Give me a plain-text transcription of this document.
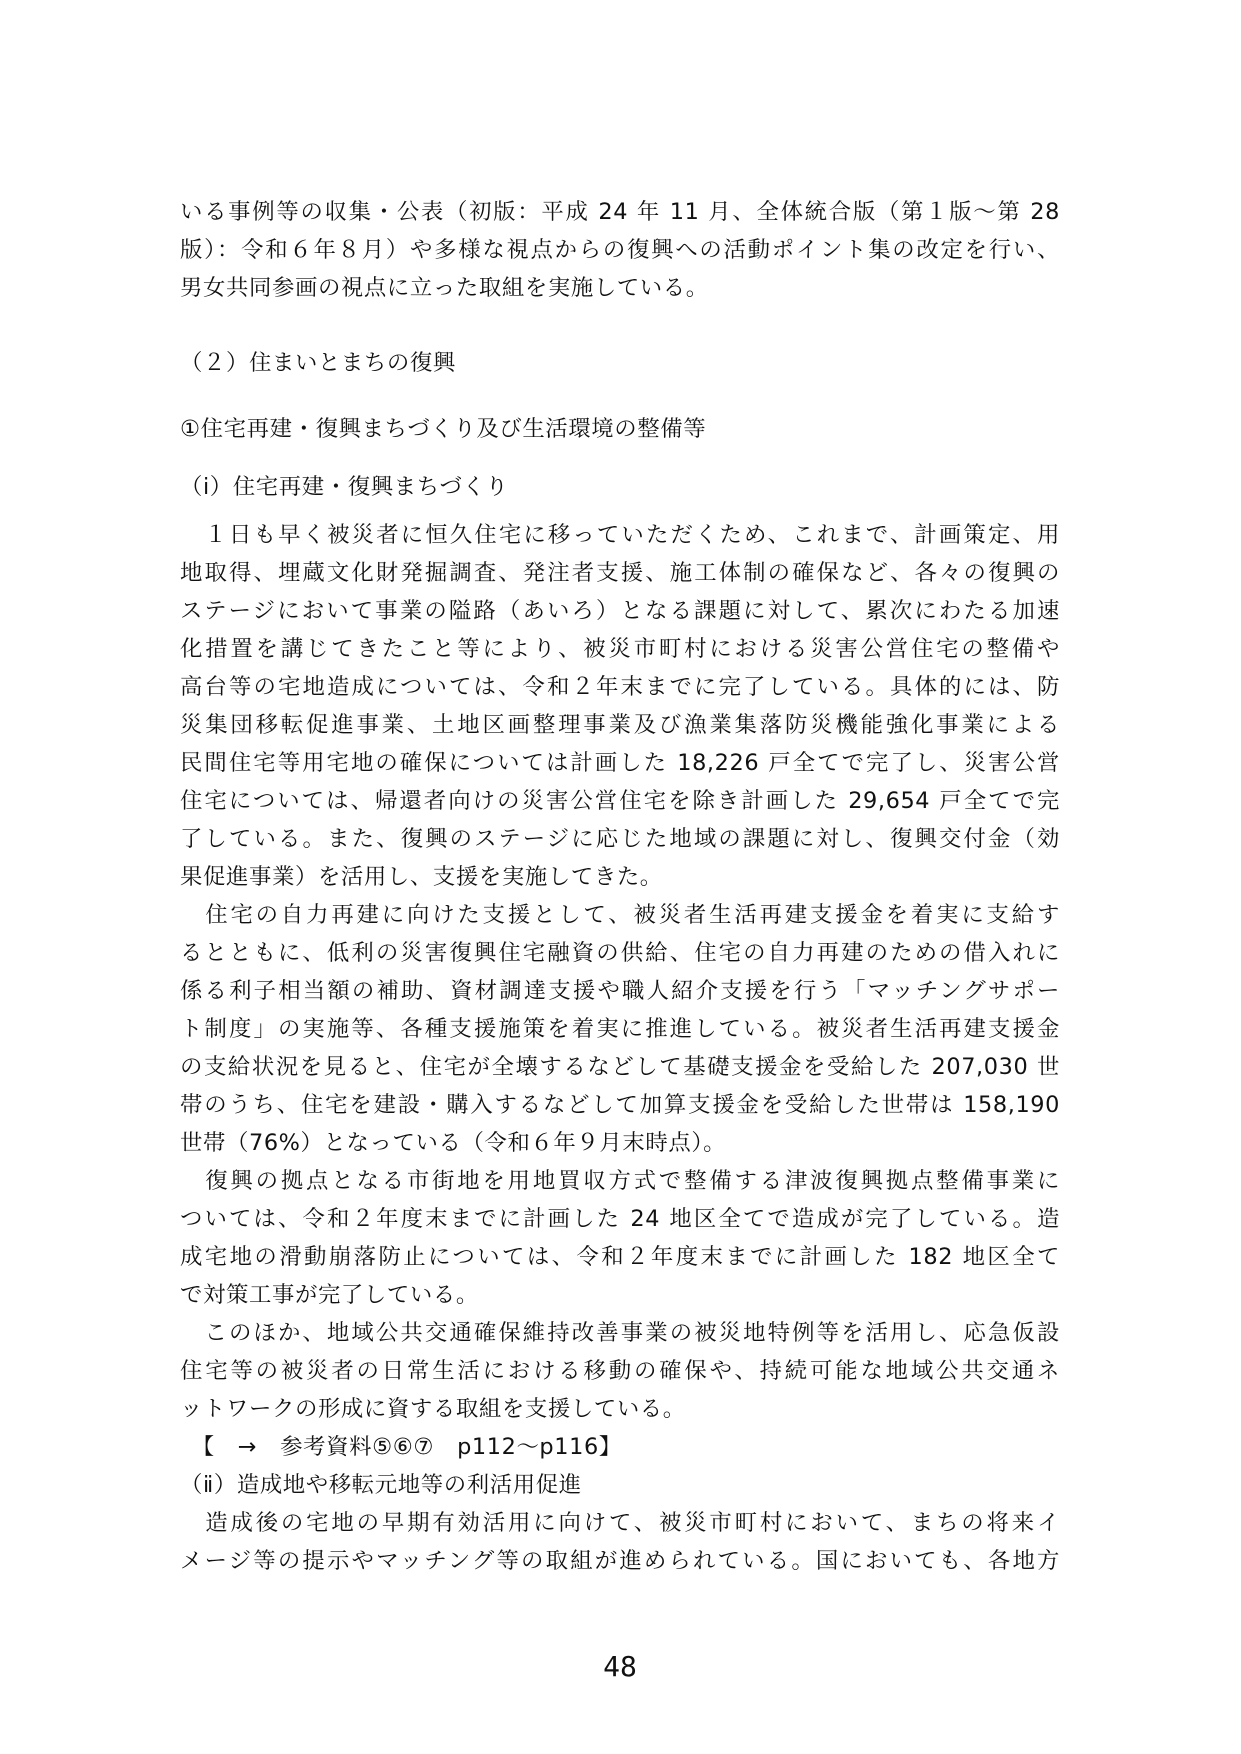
いる事例等の収集・公表（初版：平成 24 年 11 月、全体統合版（第１版～第 28
版）：令和６年８月）や多様な視点からの復興への活動ポイント集の改定を行い、
男女共同参画の視点に立った取組を実施している。
（２）住まいとまちの復興
①住宅再建・復興まちづくり及び生活環境の整備等
（ⅰ）住宅再建・復興まちづくり
　１日も早く被災者に恒久住宅に移っていただくため、これまで、計画策定、用
地取得、埋蔵文化財発掘調査、発注者支援、施工体制の確保など、各々の復興の
ステージにおいて事業の隘路（あいろ）となる課題に対して、累次にわたる加速
化措置を講じてきたこと等により、被災市町村における災害公営住宅の整備や
高台等の宅地造成については、令和２年末までに完了している。具体的には、防
災集団移転促進事業、土地区画整理事業及び漁業集落防災機能強化事業による
民間住宅等用宅地の確保については計画した 18,226 戸全てで完了し、災害公営
住宅については、帰還者向けの災害公営住宅を除き計画した 29,654 戸全てで完
了している。また、復興のステージに応じた地域の課題に対し、復興交付金（効
果促進事業）を活用し、支援を実施してきた。
　住宅の自力再建に向けた支援として、被災者生活再建支援金を着実に支給す
るとともに、低利の災害復興住宅融資の供給、住宅の自力再建のための借入れに
係る利子相当額の補助、資材調達支援や職人紹介支援を行う「マッチングサポー
ト制度」の実施等、各種支援施策を着実に推進している。被災者生活再建支援金
の支給状況を見ると、住宅が全壊するなどして基礎支援金を受給した 207,030 世
帯のうち、住宅を建設・購入するなどして加算支援金を受給した世帯は 158,190
世帯（76%）となっている（令和６年９月末時点）。
　復興の拠点となる市街地を用地買収方式で整備する津波復興拠点整備事業に
ついては、令和２年度末までに計画した 24 地区全てで造成が完了している。造
成宅地の滑動崩落防止については、令和２年度末までに計画した 182 地区全て
で対策工事が完了している。
　このほか、地域公共交通確保維持改善事業の被災地特例等を活用し、応急仮設
住宅等の被災者の日常生活における移動の確保や、持続可能な地域公共交通ネ
ットワークの形成に資する取組を支援している。
　【　→　参考資料⑤⑥⑦　p112～p116】
（ⅱ）造成地や移転元地等の利活用促進
　造成後の宅地の早期有効活用に向けて、被災市町村において、まちの将来イ
メージ等の提示やマッチング等の取組が進められている。国においても、各地方
48
